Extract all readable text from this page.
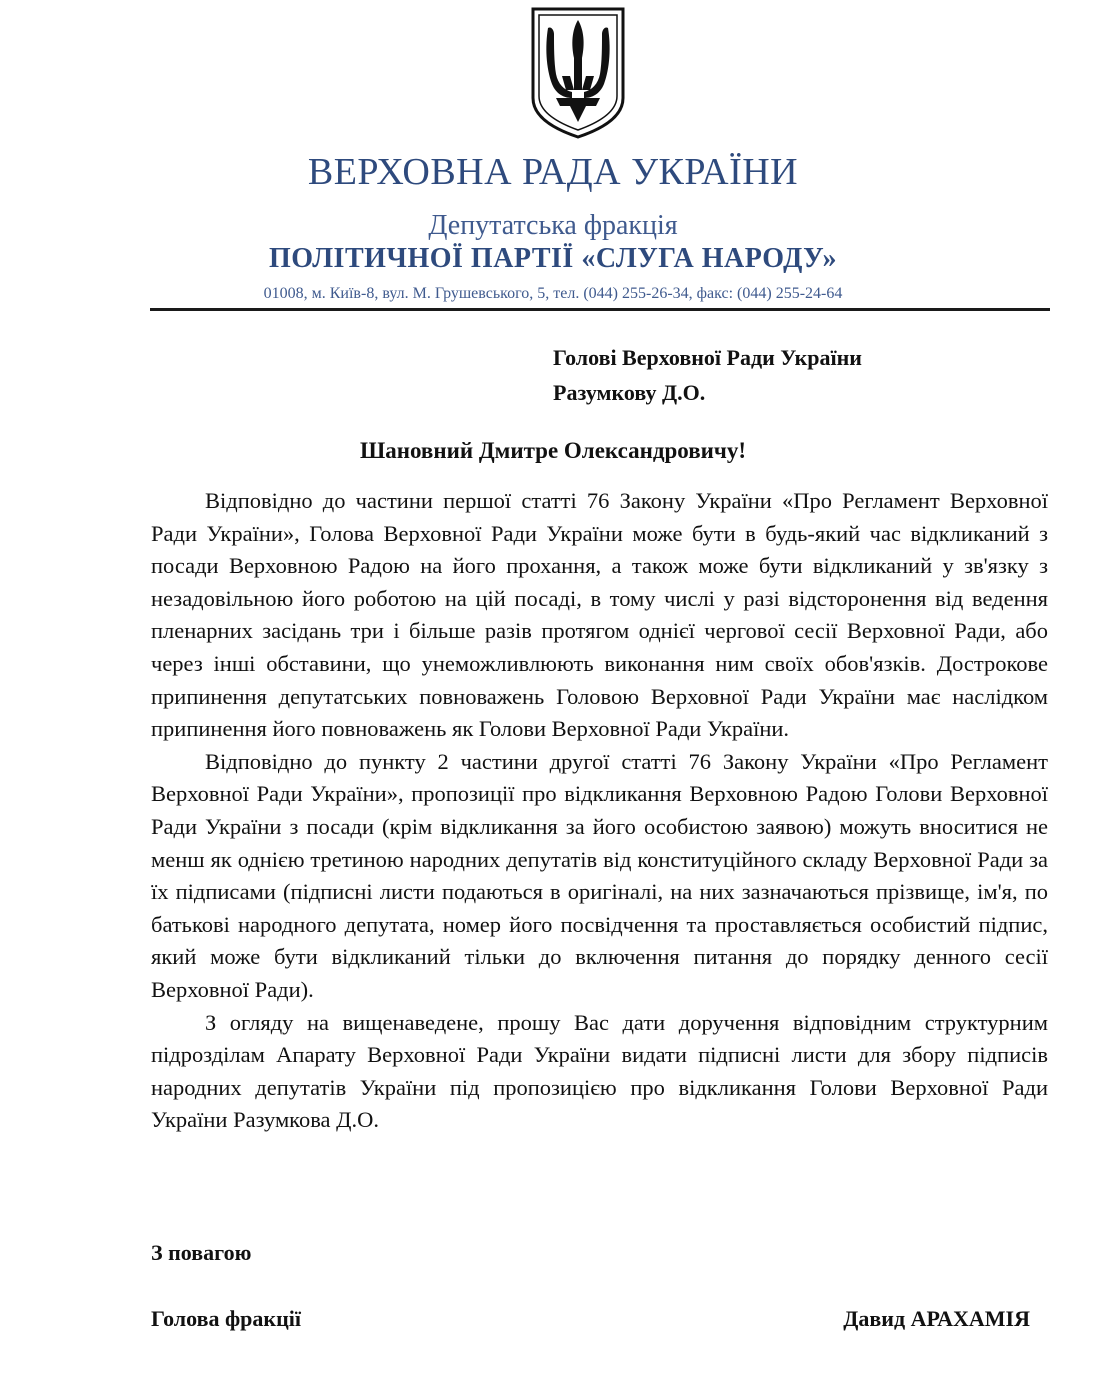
ВЕРХОВНА РАДА УКРАЇНИ
Депутатська фракція
ПОЛІТИЧНОЇ ПАРТІЇ «СЛУГА НАРОДУ»
01008, м. Київ-8, вул. М. Грушевського, 5, тел. (044) 255-26-34, факс: (044) 255-24-64
Голові Верховної Ради України
Разумкову Д.О.
Шановний Дмитре Олександровичу!

Відповідно до частини першої статті 76 Закону України «Про Регламент Верховної Ради України», Голова Верховної Ради України може бути в будь-який час відкликаний з посади Верховною Радою на його прохання, а також може бути відкликаний у зв'язку з незадовільною його роботою на цій посаді, в тому числі у разі відсторонення від ведення пленарних засідань три і більше разів протягом однієї чергової сесії Верховної Ради, або через інші обставини, що унеможливлюють виконання ним своїх обов'язків. Дострокове припинення депутатських повноважень Головою Верховної Ради України має наслідком припинення його повноважень як Голови Верховної Ради України.

Відповідно до пункту 2 частини другої статті 76 Закону України «Про Регламент Верховної Ради України», пропозиції про відкликання Верховною Радою Голови Верховної Ради України з посади (крім відкликання за його особистою заявою) можуть вноситися не менш як однією третиною народних депутатів від конституційного складу Верховної Ради за їх підписами (підписні листи подаються в оригіналі, на них зазначаються прізвище, ім'я, по батькові народного депутата, номер його посвідчення та проставляється особистий підпис, який може бути відкликаний тільки до включення питання до порядку денного сесії Верховної Ради).

З огляду на вищенаведене, прошу Вас дати доручення відповідним структурним підрозділам Апарату Верховної Ради України видати підписні листи для збору підписів народних депутатів України під пропозицією про відкликання Голови Верховної Ради України Разумкова Д.О.

З повагою
Голова фракції	Давид АРАХАМІЯ
